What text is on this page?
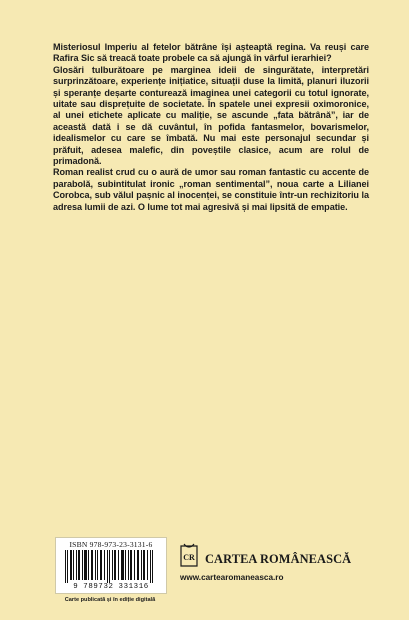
Misteriosul Imperiu al fetelor bătrâne își așteaptă regina. Va reuși care Rafira Sic să treacă toate probele ca să ajungă în vârful ierarhiei?

Glosări tulburătoare pe marginea ideii de singurătate, interpretări surprinzătoare, experiențe inițiatice, situații duse la limită, planuri iluzorii și speranțe deșarte conturează imaginea unei categorii cu totul ignorate, uitate sau disprețuite de societate. În spatele unei expresii oximoronice, al unei etichete aplicate cu maliție, se ascunde „fata bătrână”, iar de această dată i se dă cuvântul, în pofida fantasmelor, bovarismelor, idealismelor cu care se îmbată. Nu mai este personajul secundar și prăfuit, adesea malefic, din poveștile clasice, acum are rolul de primadonă.

Roman realist crud cu o aură de umor sau roman fantastic cu accente de parabolă, subintitulat ironic „roman sentimental”, noua carte a Lilianei Corobca, sub vălul pașnic al inocenței, se constituie într-un rechizitoriu la adresa lumii de azi. O lume tot mai agresivă și mai lipsită de empatie.

ISBN 978-973-23-3131-6
9 789732 331316
Carte publicată și în ediție digitală
CR CARTEA ROMÂNEASCĂ
www.cartearomaneasca.ro
